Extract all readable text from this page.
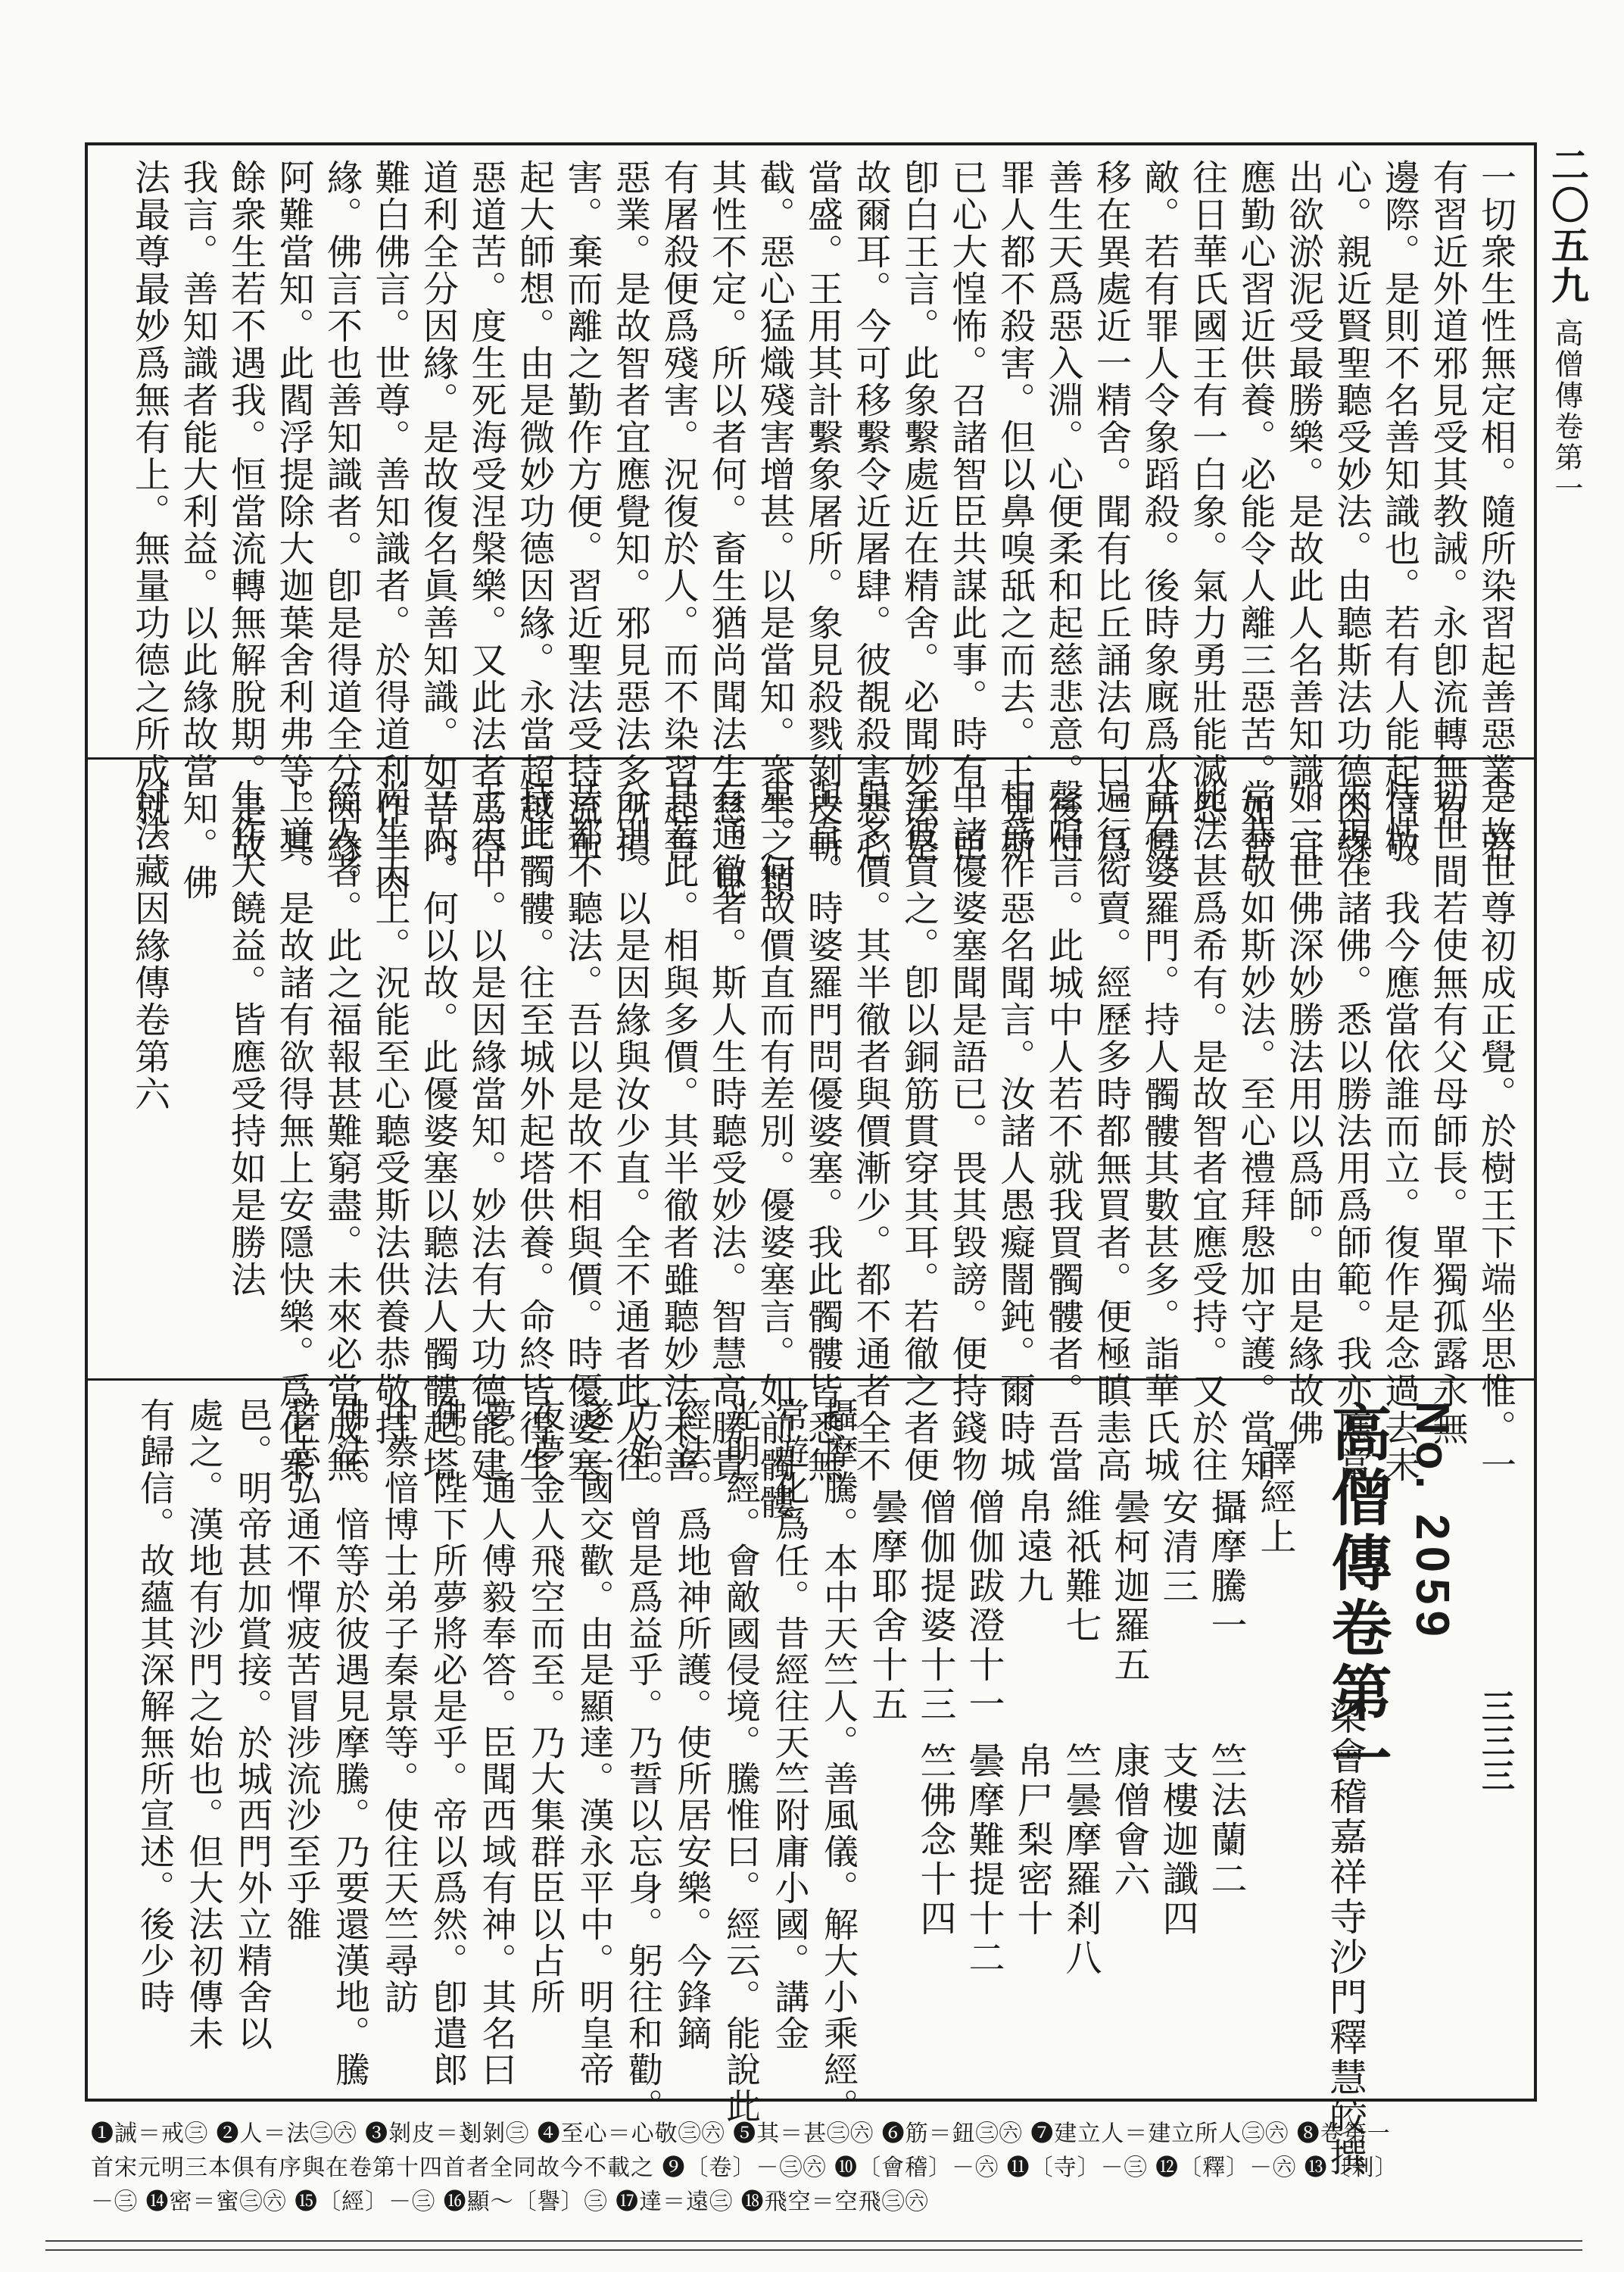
二〇五九
高僧傳卷第一
一切衆生性無定相。隨所染習起善惡業。若
有習近外道邪見受其教誡。永卽流轉無有
邊際。是則不名善知識也。若有人能起信敬
心。親近賢聖聽受妙法。由聽斯法功德因緣。
出欲淤泥受最勝樂。是故此人名善知識。宜
應勤心習近供養。必能令人離三惡苦。如昔
往日華氏國王有一白象。氣力勇壯能滅怨
敵。若有罪人令象蹈殺。後時象廐爲火所燒。
移在異處近一精舍。聞有比丘誦法句曰。爲
善生天爲惡入淵。心便柔和起慈悲意。後付
罪人都不殺害。但以鼻嗅舐之而去。王見斯
已心大惶怖。召諸智臣共謀此事。時有一臣
卽白王言。此象繫處近在精舍。必聞妙法是
故爾耳。今可移繫令近屠肆。彼覩殺害惡心
當盛。王用其計繫象屠所。象見殺戮剝皮斬
截。惡心猛熾殘害增甚。以是當知。衆生之類
其性不定。所以者何。畜生猶尚聞法生慈。見
有屠殺便爲殘害。況復於人。而不染習起善
惡業。是故智者宜應覺知。邪見惡法多所損
害。棄而離之勤作方便。習近聖法受持流布
起大師想。由是微妙功德因緣。永當超越三
惡道苦。度生死海受涅槃樂。又此法者爲得
道利全分因緣。是故復名眞善知識。如昔阿
難白佛言。世尊。善知識者。於得道利作半因
緣。佛言不也善知識者。卽是得道全分因緣。
阿難當知。此閻浮提除大迦葉舍利弗等。其
餘衆生若不遇我。恒當流轉無解脫期。是故
我言。善知識者能大利益。以此緣故當知。佛
法最尊最妙爲無有上。無量功德之所成就。
是故世尊初成正覺。於樹王下端坐思惟。一
切世間若使無有父母師長。單獨孤露永無
恃怙。我今應當依誰而立。復作是念過去未
來現在諸佛。悉以勝法用爲師範。我亦應當
如三世佛深妙勝法用以爲師。由是緣故佛
常恭敬如斯妙法。至心禮拜慇加守護。當知
此法甚爲希有。是故智者宜應受持。又於往
昔有婆羅門。持人髑髏其數甚多。詣華氏城
遍行衒賣。經歷多時都無買者。便極瞋恚高
聲唱言。此城中人若不就我買髑髏者。吾當
相爲作惡名聞言。汝諸人愚癡闇鈍。爾時城
中諸優婆塞聞是語已。畏其毀謗。便持錢物
至彼買之。卽以銅筋貫穿其耳。若徹之者便
與多價。其半徹者與價漸少。都不通者全不
與直。時婆羅門問優婆塞。我此髑髏皆悉無
異。何故價直而有差別。優婆塞言。如前髑髏
有通徹者。斯人生時聽受妙法。智慧高勝貴
其若此。相與多價。其半徹者雖聽妙法未善
分別。以是因緣與汝少直。全不通者此人往
昔都不聽法。吾以是故不相與價。時優婆塞
持此髑髏。往至城外起塔供養。命終皆得生
于天中。以是因緣當知。妙法有大功德能建
立人。何以故。此優婆塞以聽法人髑髏起塔
尚生天上。況能至心聽受斯法供養恭敬持
經人者。此之福報甚難窮盡。未來必當成無
上道。是故諸有欲得無上安隱快樂。爲化衆
生作大饒益。皆應受持如是勝法
付法藏因緣傳卷第六
No. 2059
高僧傳卷第一
梁會稽嘉祥寺沙門釋慧皎撰
譯經上
攝摩騰一
安清三
曇柯迦羅五
維祇難七
帛遠九
僧伽跋澄十一
僧伽提婆十三
曇摩耶舍十五
竺法蘭二
支樓迦讖四
康僧會六
竺曇摩羅剎八
帛尸梨密十
曇摩難提十二
竺佛念十四
攝摩騰。本中天竺人。善風儀。解大小乘經。
常遊化爲任。昔經往天竺附庸小國。講金
光明經。會敵國侵境。騰惟曰。經云。能說此
經法。爲地神所護。使所居安樂。今鋒鏑
方始。曾是爲益乎。乃誓以忘身。躬往和勸。
遂二國交歡。由是顯達。漢永平中。明皇帝
夜夢金人飛空而至。乃大集群臣以占所
夢。通人傅毅奉答。臣聞西域有神。其名曰
佛。陛下所夢將必是乎。帝以爲然。卽遣郎
中蔡愔博士弟子秦景等。使往天竺尋訪
佛法。愔等於彼遇見摩騰。乃要還漢地。騰
誓志弘通不憚疲苦冒涉流沙至乎雒
邑。明帝甚加賞接。於城西門外立精舍以
處之。漢地有沙門之始也。但大法初傳未
有歸信。故蘊其深解無所宣述。後少時	三三三
❶誡＝戒㊂ ❷人＝法㊂㊅ ❸剝皮＝剗剝㊂ ❹至心＝心敬㊂㊅ ❺其＝甚㊂㊅ ❻筋＝鈕㊂㊅ ❼建立人＝建立所人㊂㊅ ❽卷第一
首宋元明三本俱有序與在卷第十四首者全同故今不載之 ❾〔卷〕－㊂㊅ ❿〔會稽〕－㊅ ⓫〔寺〕－㊂ ⓬〔釋〕－㊅ ⓭〔剎〕
－㊂ ⓮密＝蜜㊂㊅ ⓯〔經〕－㊂ ⓰顯〜〔譽〕㊂ ⓱達＝遠㊂ ⓲飛空＝空飛㊂㊅
